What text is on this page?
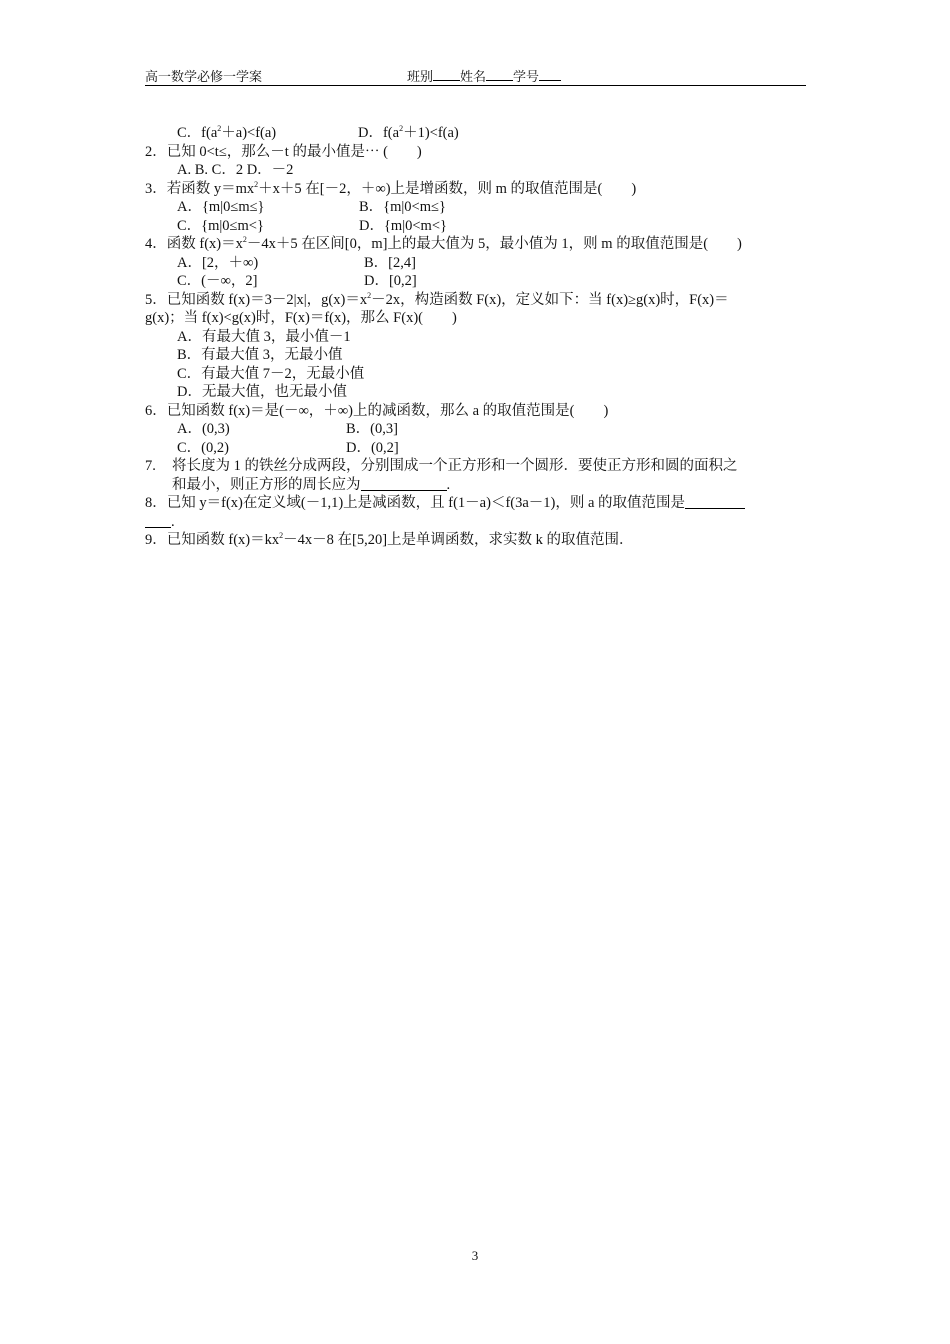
高一数学必修一学案	班别 姓名 学号
C．$f(a^2+a)<f(a)$	D．$f(a^2+1)<f(a)$
2．已知 0<t≤，那么－t 的最小值是⋯ (　　)
A. B. C．2 D．－2
3．若函数 $y=mx^2+x+5$ 在[－2，＋∞)上是增函数，则 m 的取值范围是(　　)
A．{m|0≤m≤}	B．{m|0<m≤}
C．{m|0≤m<}	D．{m|0<m<}
4．函数 $f(x)=x^2-4x+5$ 在区间[0，m]上的最大值为 5，最小值为 1，则 m 的取值范围是(　　)
A．[2，＋∞)	B．[2,4]
C．(－∞，2]	D．[0,2]
5．已知函数 f(x)＝3－2|x|，$g(x)=x^2-2x$，构造函数 F(x)，定义如下：当 f(x)≥g(x)时，F(x)＝
g(x)；当 f(x)<g(x)时，F(x)＝f(x)，那么 F(x)(　　)
A．有最大值 3，最小值－1
B．有最大值 3，无最小值
C．有最大值 7－2，无最小值
D．无最大值，也无最小值
6．已知函数 f(x)＝是(－∞，＋∞)上的减函数，那么 a 的取值范围是(　　)
A．(0,3)	B．(0,3]
C．(0,2)	D．(0,2]
7. 将长度为 1 的铁丝分成两段，分别围成一个正方形和一个圆形．要使正方形和圆的面积之
和最小，则正方形的周长应为	.
8．已知 y＝f(x)在定义域(－1,1)上是减函数，且 f(1－a)＜f(3a－1)，则 a 的取值范围是
.
9．已知函数 $f(x)=kx^2-4x-8$ 在[5,20]上是单调函数，求实数 k 的取值范围．
3
